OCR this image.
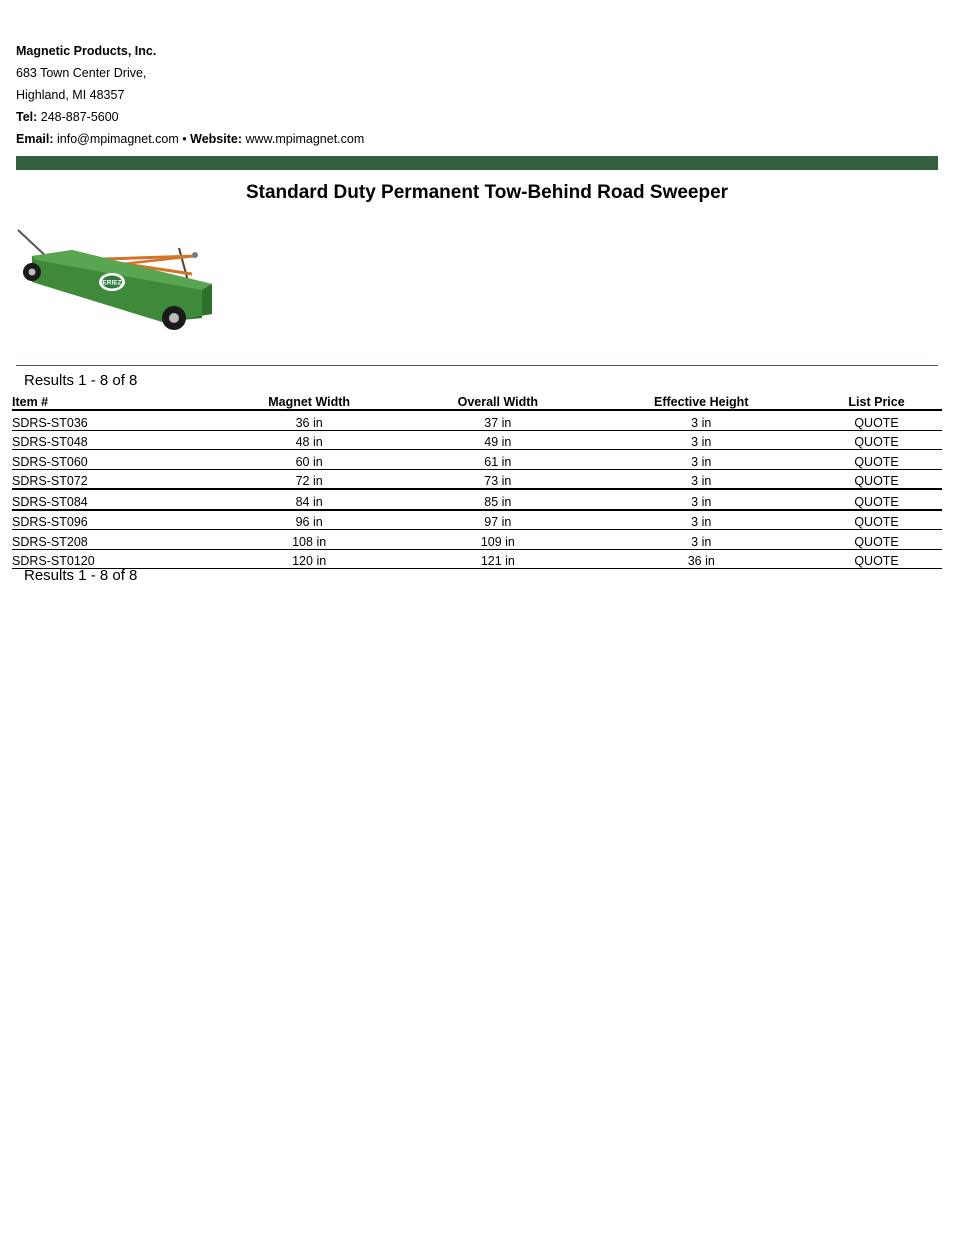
Magnetic Products, Inc.
683 Town Center Drive,
Highland, MI 48357
Tel: 248-887-5600
Email: info@mpimagnet.com • Website: www.mpimagnet.com
Standard Duty Permanent Tow-Behind Road Sweeper
ERIEZ
Results 1 - 8 of 8
Item #	Magnet Width	Overall Width	Effective Height	List Price
SDRS-ST036	36 in	37 in	3 in	QUOTE
SDRS-ST048	48 in	49 in	3 in	QUOTE
SDRS-ST060	60 in	61 in	3 in	QUOTE
SDRS-ST072	72 in	73 in	3 in	QUOTE
SDRS-ST084	84 in	85 in	3 in	QUOTE
SDRS-ST096	96 in	97 in	3 in	QUOTE
SDRS-ST208	108 in	109 in	3 in	QUOTE
SDRS-ST0120	120 in	121 in	36 in	QUOTE
Results 1 - 8 of 8
